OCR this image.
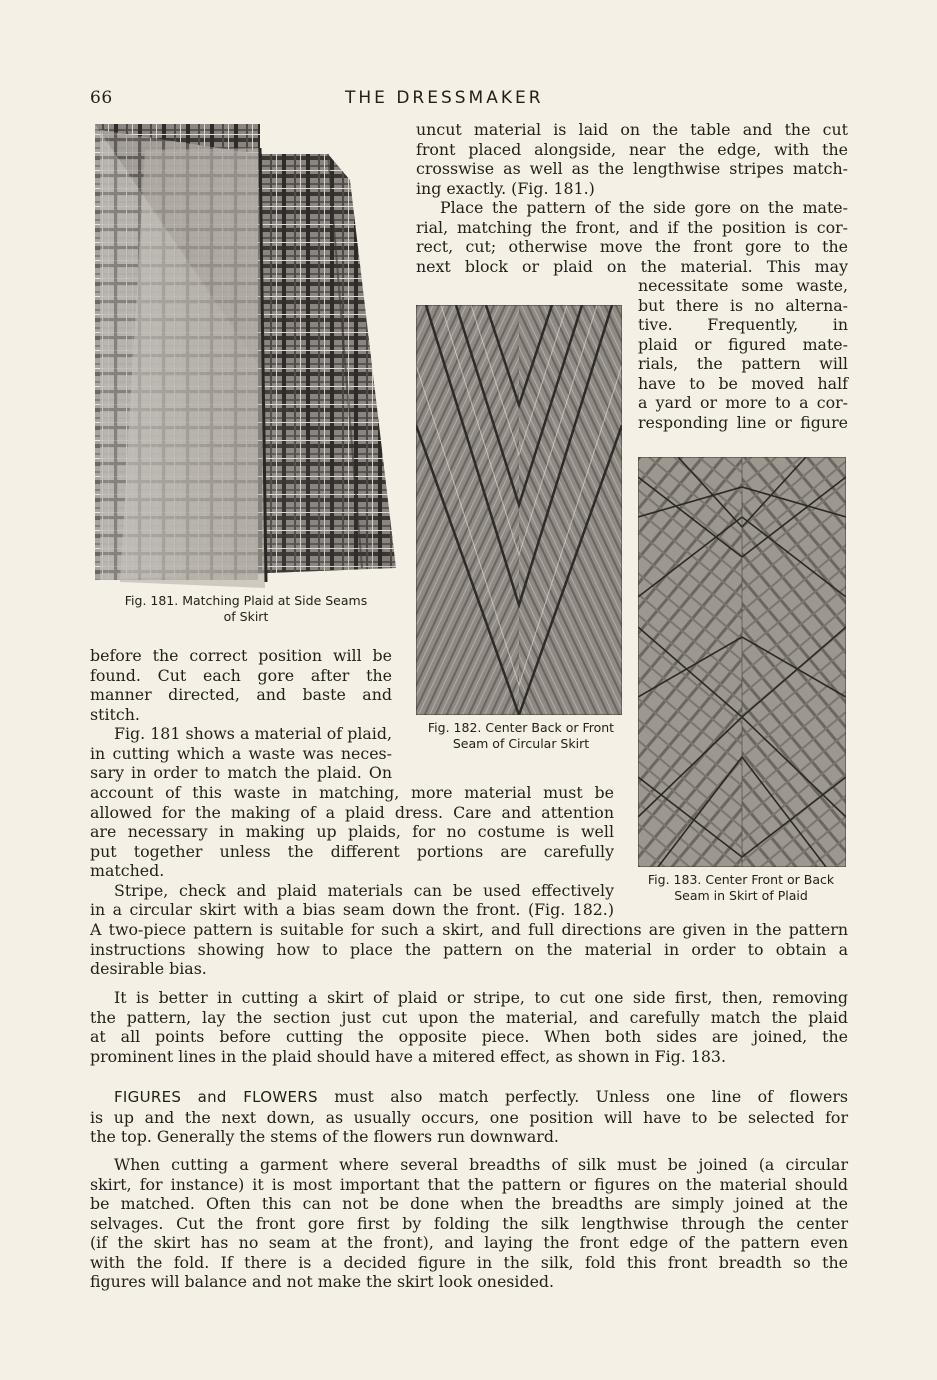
66	THE DRESSMAKER
Fig. 181. Matching Plaid at Side Seams
of Skirt
uncut material is laid on the table and the cut
front placed alongside, near the edge, with the
crosswise as well as the lengthwise stripes match-
ing exactly. (Fig. 181.)
Place the pattern of the side gore on the mate-
rial, matching the front, and if the position is cor-
rect, cut; otherwise move the front gore to the
next block or plaid on the material. This may
necessitate some waste,
but there is no alterna-
tive. Frequently, in
plaid or figured mate-
rials, the pattern will
have to be moved half
a yard or more to a cor-
responding line or figure
Fig. 182. Center Back or Front
Seam of Circular Skirt
Fig. 183. Center Front or Back
Seam in Skirt of Plaid
before the correct position will be
found. Cut each gore after the
manner directed, and baste and
stitch.
Fig. 181 shows a material of plaid,
in cutting which a waste was neces-
sary in order to match the plaid. On
account of this waste in matching, more material must be
allowed for the making of a plaid dress. Care and attention
are necessary in making up plaids, for no costume is well
put together unless the different portions are carefully
matched.
Stripe, check and plaid materials can be used effectively
in a circular skirt with a bias seam down the front. (Fig. 182.)
A two-piece pattern is suitable for such a skirt, and full directions are given in the pattern
instructions showing how to place the pattern on the material in order to obtain a
desirable bias.
It is better in cutting a skirt of plaid or stripe, to cut one side first, then, removing
the pattern, lay the section just cut upon the material, and carefully match the plaid
at all points before cutting the opposite piece. When both sides are joined, the
prominent lines in the plaid should have a mitered effect, as shown in Fig. 183.
FIGURES and FLOWERS must also match perfectly. Unless one line of flowers
is up and the next down, as usually occurs, one position will have to be selected for
the top. Generally the stems of the flowers run downward.
When cutting a garment where several breadths of silk must be joined (a circular
skirt, for instance) it is most important that the pattern or figures on the material should
be matched. Often this can not be done when the breadths are simply joined at the
selvages. Cut the front gore first by folding the silk lengthwise through the center
(if the skirt has no seam at the front), and laying the front edge of the pattern even
with the fold. If there is a decided figure in the silk, fold this front breadth so the
figures will balance and not make the skirt look onesided.
